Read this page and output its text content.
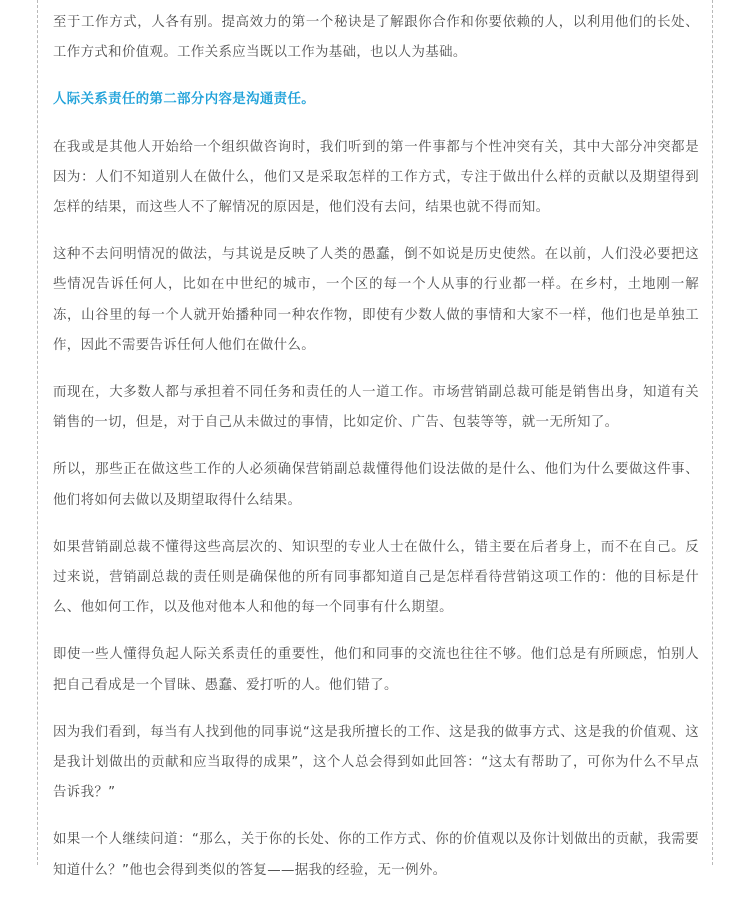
至于工作方式，人各有别。提高效力的第一个秘诀是了解跟你合作和你要依赖的人，以利用他们的长处、工作方式和价值观。工作关系应当既以工作为基础，也以人为基础。

人际关系责任的第二部分内容是沟通责任。

在我或是其他人开始给一个组织做咨询时，我们听到的第一件事都与个性冲突有关，其中大部分冲突都是因为：人们不知道别人在做什么，他们又是采取怎样的工作方式，专注于做出什么样的贡献以及期望得到怎样的结果，而这些人不了解情况的原因是，他们没有去问，结果也就不得而知。

这种不去问明情况的做法，与其说是反映了人类的愚蠢，倒不如说是历史使然。在以前，人们没必要把这些情况告诉任何人，比如在中世纪的城市，一个区的每一个人从事的行业都一样。在乡村，土地刚一解冻，山谷里的每一个人就开始播种同一种农作物，即使有少数人做的事情和大家不一样，他们也是单独工作，因此不需要告诉任何人他们在做什么。

而现在，大多数人都与承担着不同任务和责任的人一道工作。市场营销副总裁可能是销售出身，知道有关销售的一切，但是，对于自己从未做过的事情，比如定价、广告、包装等等，就一无所知了。

所以，那些正在做这些工作的人必须确保营销副总裁懂得他们设法做的是什么、他们为什么要做这件事、他们将如何去做以及期望取得什么结果。

如果营销副总裁不懂得这些高层次的、知识型的专业人士在做什么，错主要在后者身上，而不在自己。反过来说，营销副总裁的责任则是确保他的所有同事都知道自己是怎样看待营销这项工作的：他的目标是什么、他如何工作，以及他对他本人和他的每一个同事有什么期望。

即使一些人懂得负起人际关系责任的重要性，他们和同事的交流也往往不够。他们总是有所顾虑，怕别人把自己看成是一个冒昧、愚蠢、爱打听的人。他们错了。

因为我们看到，每当有人找到他的同事说“这是我所擅长的工作、这是我的做事方式、这是我的价值观、这是我计划做出的贡献和应当取得的成果”，这个人总会得到如此回答：“这太有帮助了，可你为什么不早点告诉我？”

如果一个人继续问道：“那么，关于你的长处、你的工作方式、你的价值观以及你计划做出的贡献，我需要知道什么？”他也会得到类似的答复——据我的经验，无一例外。
